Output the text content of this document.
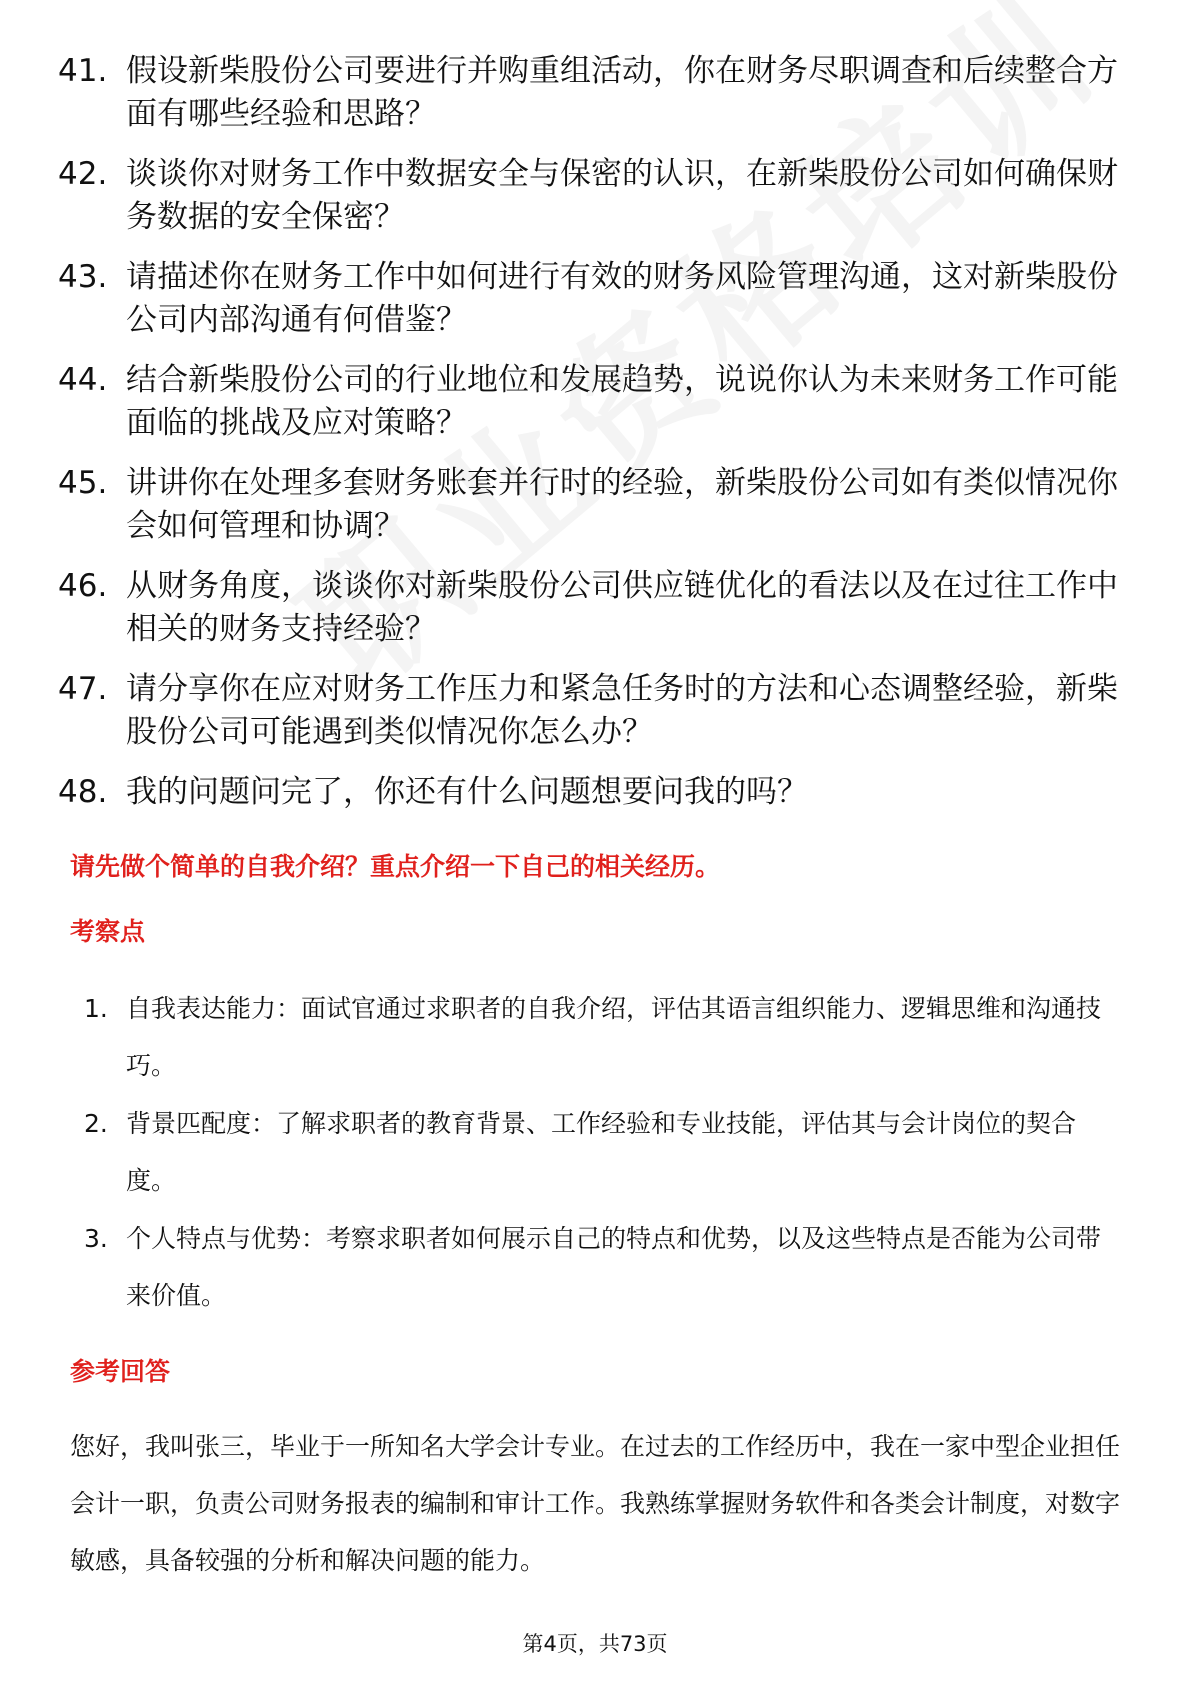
41. 假设新柴股份公司要进行并购重组活动，你在财务尽职调查和后续整合方面有哪些经验和思路？
42. 谈谈你对财务工作中数据安全与保密的认识，在新柴股份公司如何确保财务数据的安全保密？
43. 请描述你在财务工作中如何进行有效的财务风险管理沟通，这对新柴股份公司内部沟通有何借鉴？
44. 结合新柴股份公司的行业地位和发展趋势，说说你认为未来财务工作可能面临的挑战及应对策略？
45. 讲讲你在处理多套财务账套并行时的经验，新柴股份公司如有类似情况你会如何管理和协调？
46. 从财务角度，谈谈你对新柴股份公司供应链优化的看法以及在过往工作中相关的财务支持经验？
47. 请分享你在应对财务工作压力和紧急任务时的方法和心态调整经验，新柴股份公司可能遇到类似情况你怎么办？
48. 我的问题问完了，你还有什么问题想要问我的吗？
请先做个简单的自我介绍？重点介绍一下自己的相关经历。
考察点
1. 自我表达能力：面试官通过求职者的自我介绍，评估其语言组织能力、逻辑思维和沟通技巧。
2. 背景匹配度：了解求职者的教育背景、工作经验和专业技能，评估其与会计岗位的契合度。
3. 个人特点与优势：考察求职者如何展示自己的特点和优势，以及这些特点是否能为公司带来价值。
参考回答

您好，我叫张三，毕业于一所知名大学会计专业。在过去的工作经历中，我在一家中型企业担任会计一职，负责公司财务报表的编制和审计工作。我熟练掌握财务软件和各类会计制度，对数字敏感，具备较强的分析和解决问题的能力。

第4页，共73页
